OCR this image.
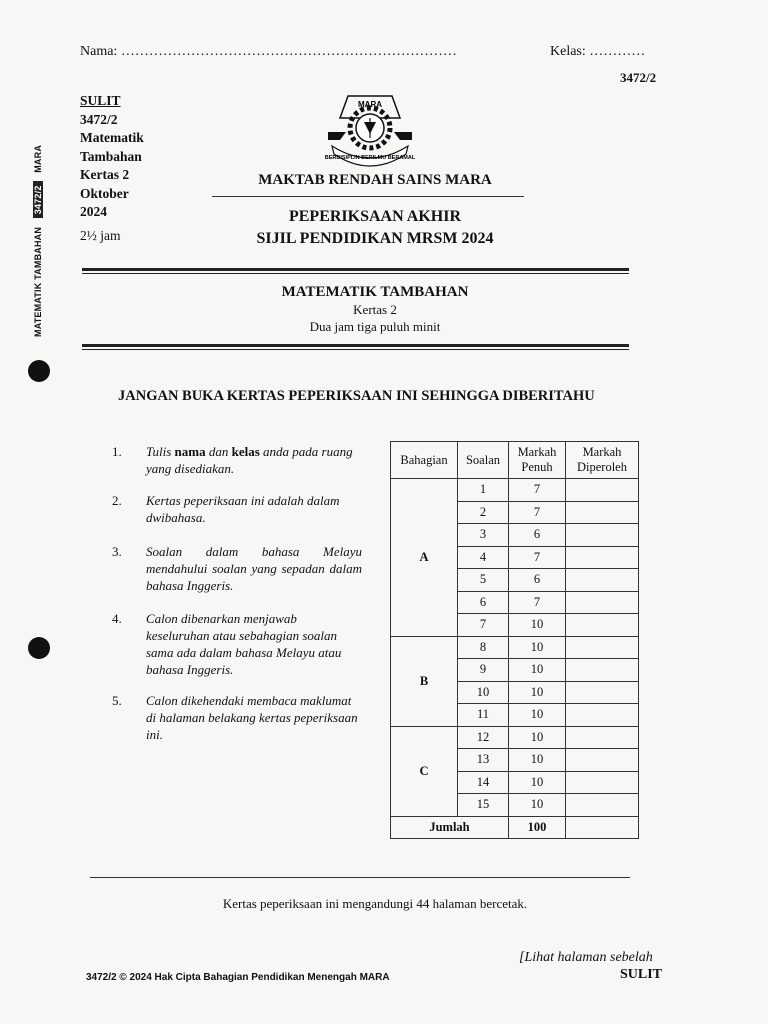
MATEMATIK TAMBAHAN 3472/2 MARA
Nama: ………………………………………………………………	Kelas: …………
3472/2
SULIT
3472/2
Matematik
Tambahan
Kertas 2
Oktober
2024
2½ jam
MARA
BERDISIPLIN BERILMU BERAMAL
MAKTAB RENDAH SAINS MARA
PEPERIKSAAN AKHIR
SIJIL PENDIDIKAN MRSM 2024
MATEMATIK TAMBAHAN
Kertas 2
Dua jam tiga puluh minit
JANGAN BUKA KERTAS PEPERIKSAAN INI SEHINGGA DIBERITAHU
1. Tulis nama dan kelas anda pada ruang yang disediakan.
2. Kertas peperiksaan ini adalah dalam dwibahasa.
3. Soalan dalam bahasa Melayu mendahului soalan yang sepadan dalam bahasa Inggeris.
4. Calon dibenarkan menjawab keseluruhan atau sebahagian soalan sama ada dalam bahasa Melayu atau bahasa Inggeris.
5. Calon dikehendaki membaca maklumat di halaman belakang kertas peperiksaan ini.
Bahagian	Soalan	Markah Penuh	Markah Diperoleh
A	1	7	
	2	7	
	3	6	
	4	7	
	5	6	
	6	7	
	7	10	
B	8	10	
	9	10	
	10	10	
	11	10	
C	12	10	
	13	10	
	14	10	
	15	10	
Jumlah		100	
Kertas peperiksaan ini mengandungi 44 halaman bercetak.
[Lihat halaman sebelah
SULIT
3472/2 © 2024 Hak Cipta Bahagian Pendidikan Menengah MARA
